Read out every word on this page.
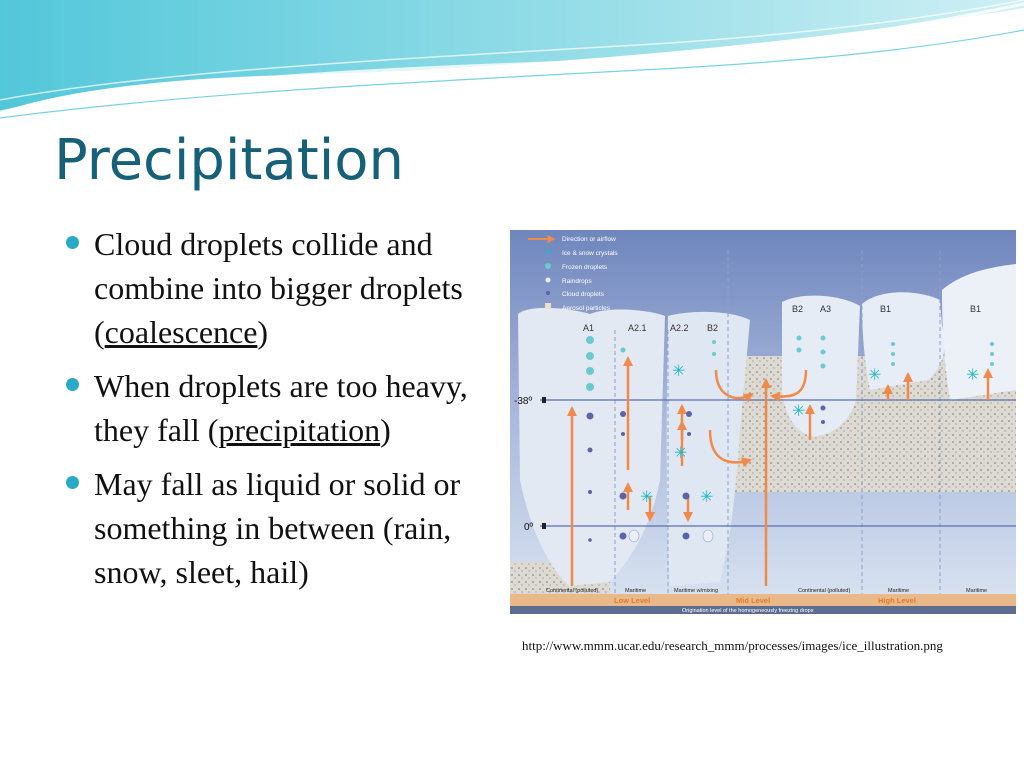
Precipitation
Cloud droplets collide and combine into bigger droplets (coalescence)
When droplets are too heavy, they fall (precipitation)
May fall as liquid or solid or something in between (rain, snow, sleet, hail)
-38º
0º
Direction or airflow
✳ Ice & snow crystals
Frozen droplets
Raindrops
Cloud droplets
Aerosol particles
A1	A2.1	A2.2 B2
B2 A3	B1	B1
✳
✳
✳	✳
✳
✳	✳
Continental (polluted)	Maritime	Maritime w/mixing	Continental (polluted)	Maritime	Maritime
Low Level	Mid Level	High Level
Origination level of the homogeneously freezing drops
http://www.mmm.ucar.edu/research_mmm/processes/images/ice_illustration.png
